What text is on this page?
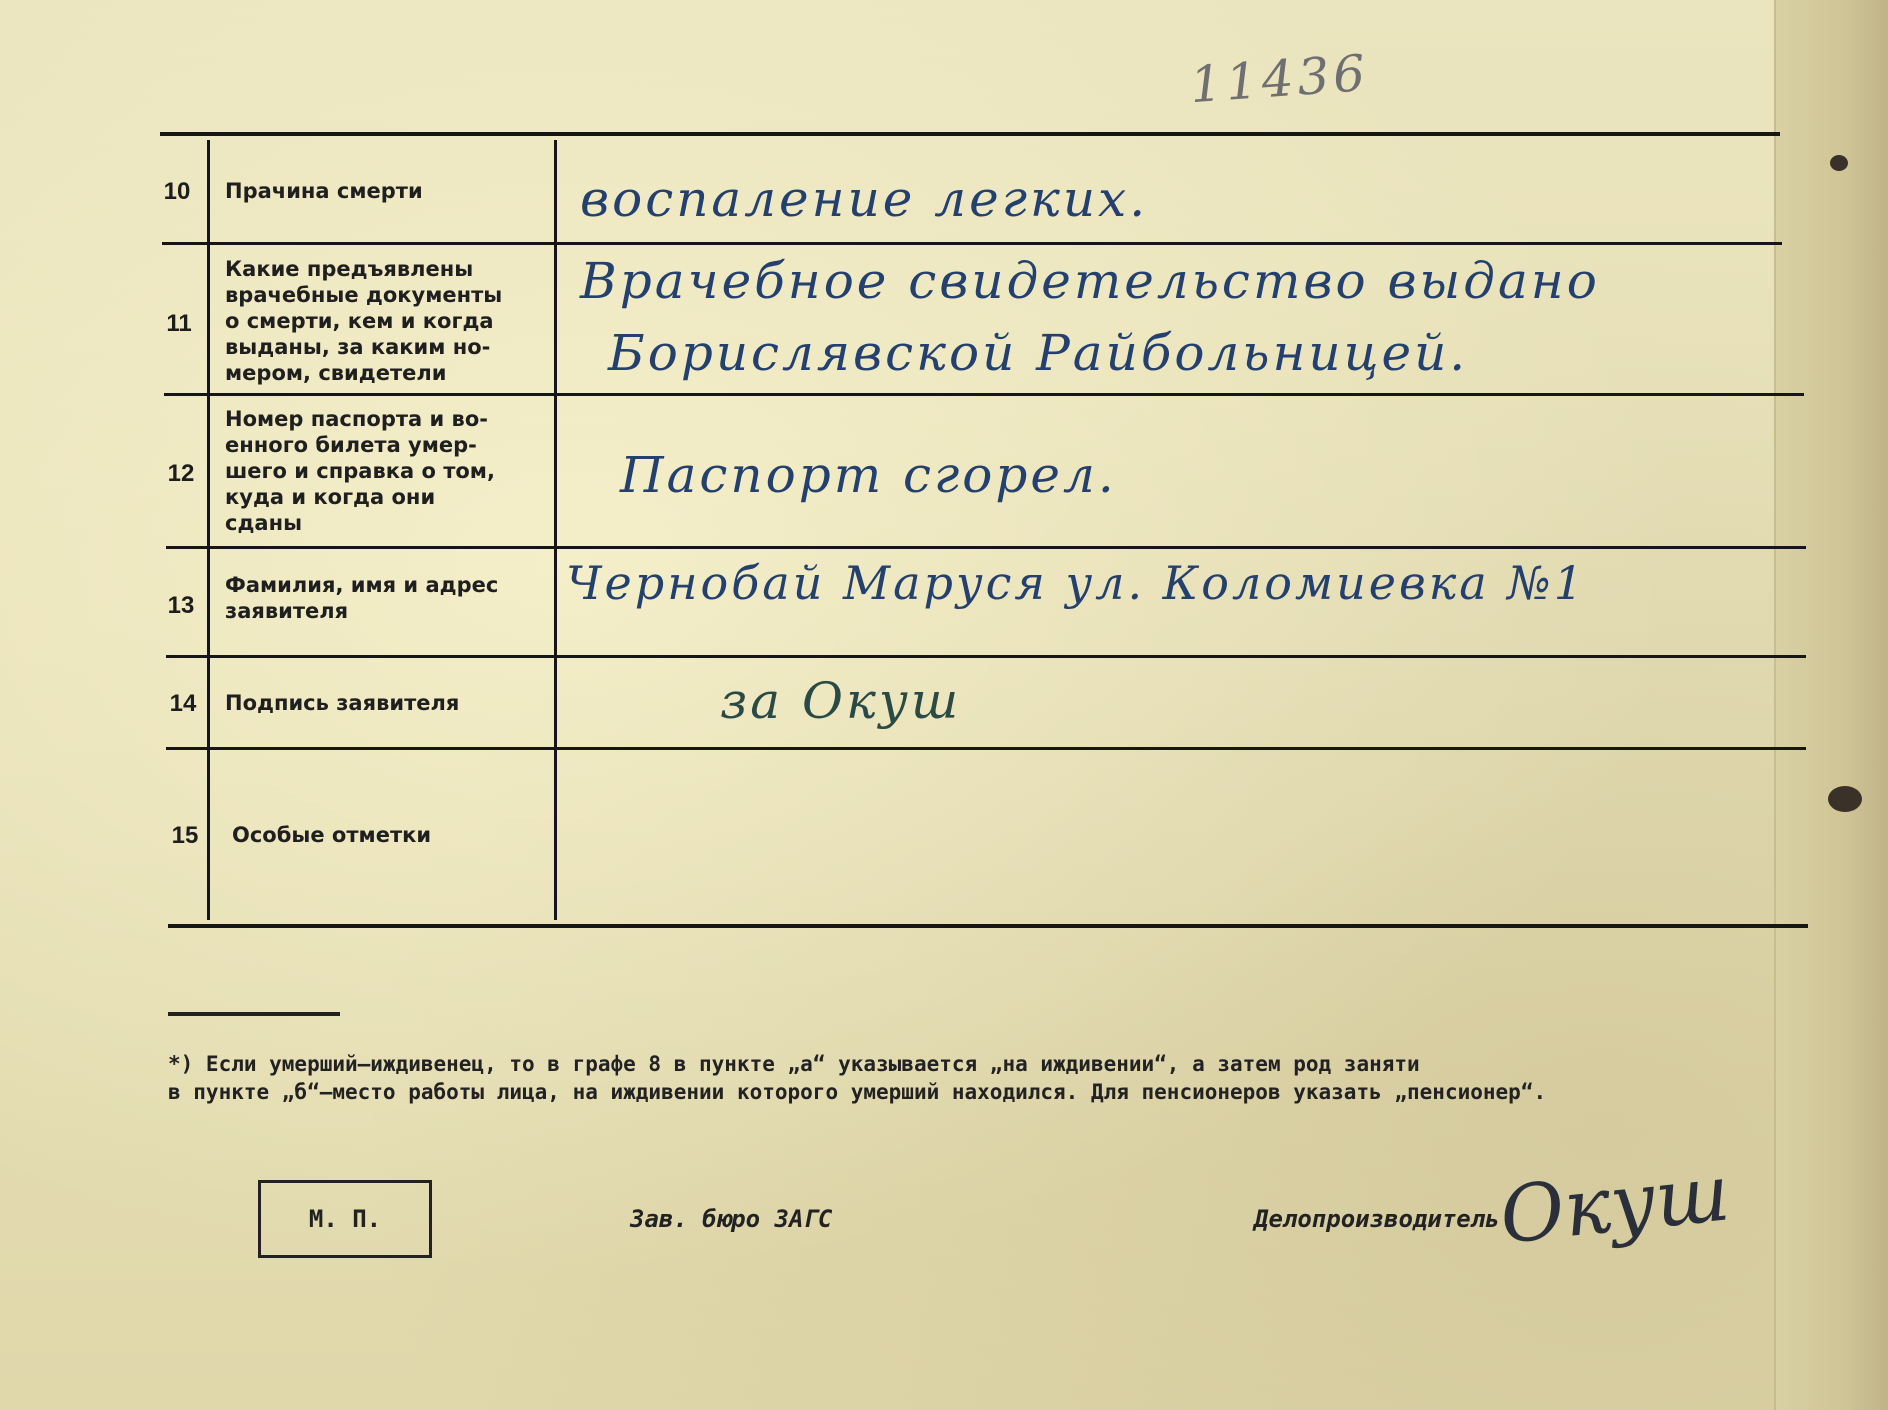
11436
10
11
12
13
14
15
Прачина смерти
Какие предъявлены
врачебные документы
о смерти, кем и когда
выданы, за каким но-
мером, свидетели
Номер паспорта и во-
енного билета умер-
шего и справка о том,
куда и когда они
сданы
Фамилия, имя и адрес
заявителя
Подпись заявителя
Особые отметки
воспаление легких.
Врачебное свидетельство выдано
Борислявской Райбольницей.
Паспорт сгорел.
Чернобай Маруся ул. Коломиевка №1
за Окуш
*) Если умерший—иждивенец, то в графе 8 в пункте „а“ указывается „на иждивении“, а затем род заняти
в пункте „б“—место работы лица, на иждивении которого умерший находился. Для пенсионеров указать „пенсионер“.
М. П.	Зав. бюро ЗАГС	Делопроизводитель
Окуш
